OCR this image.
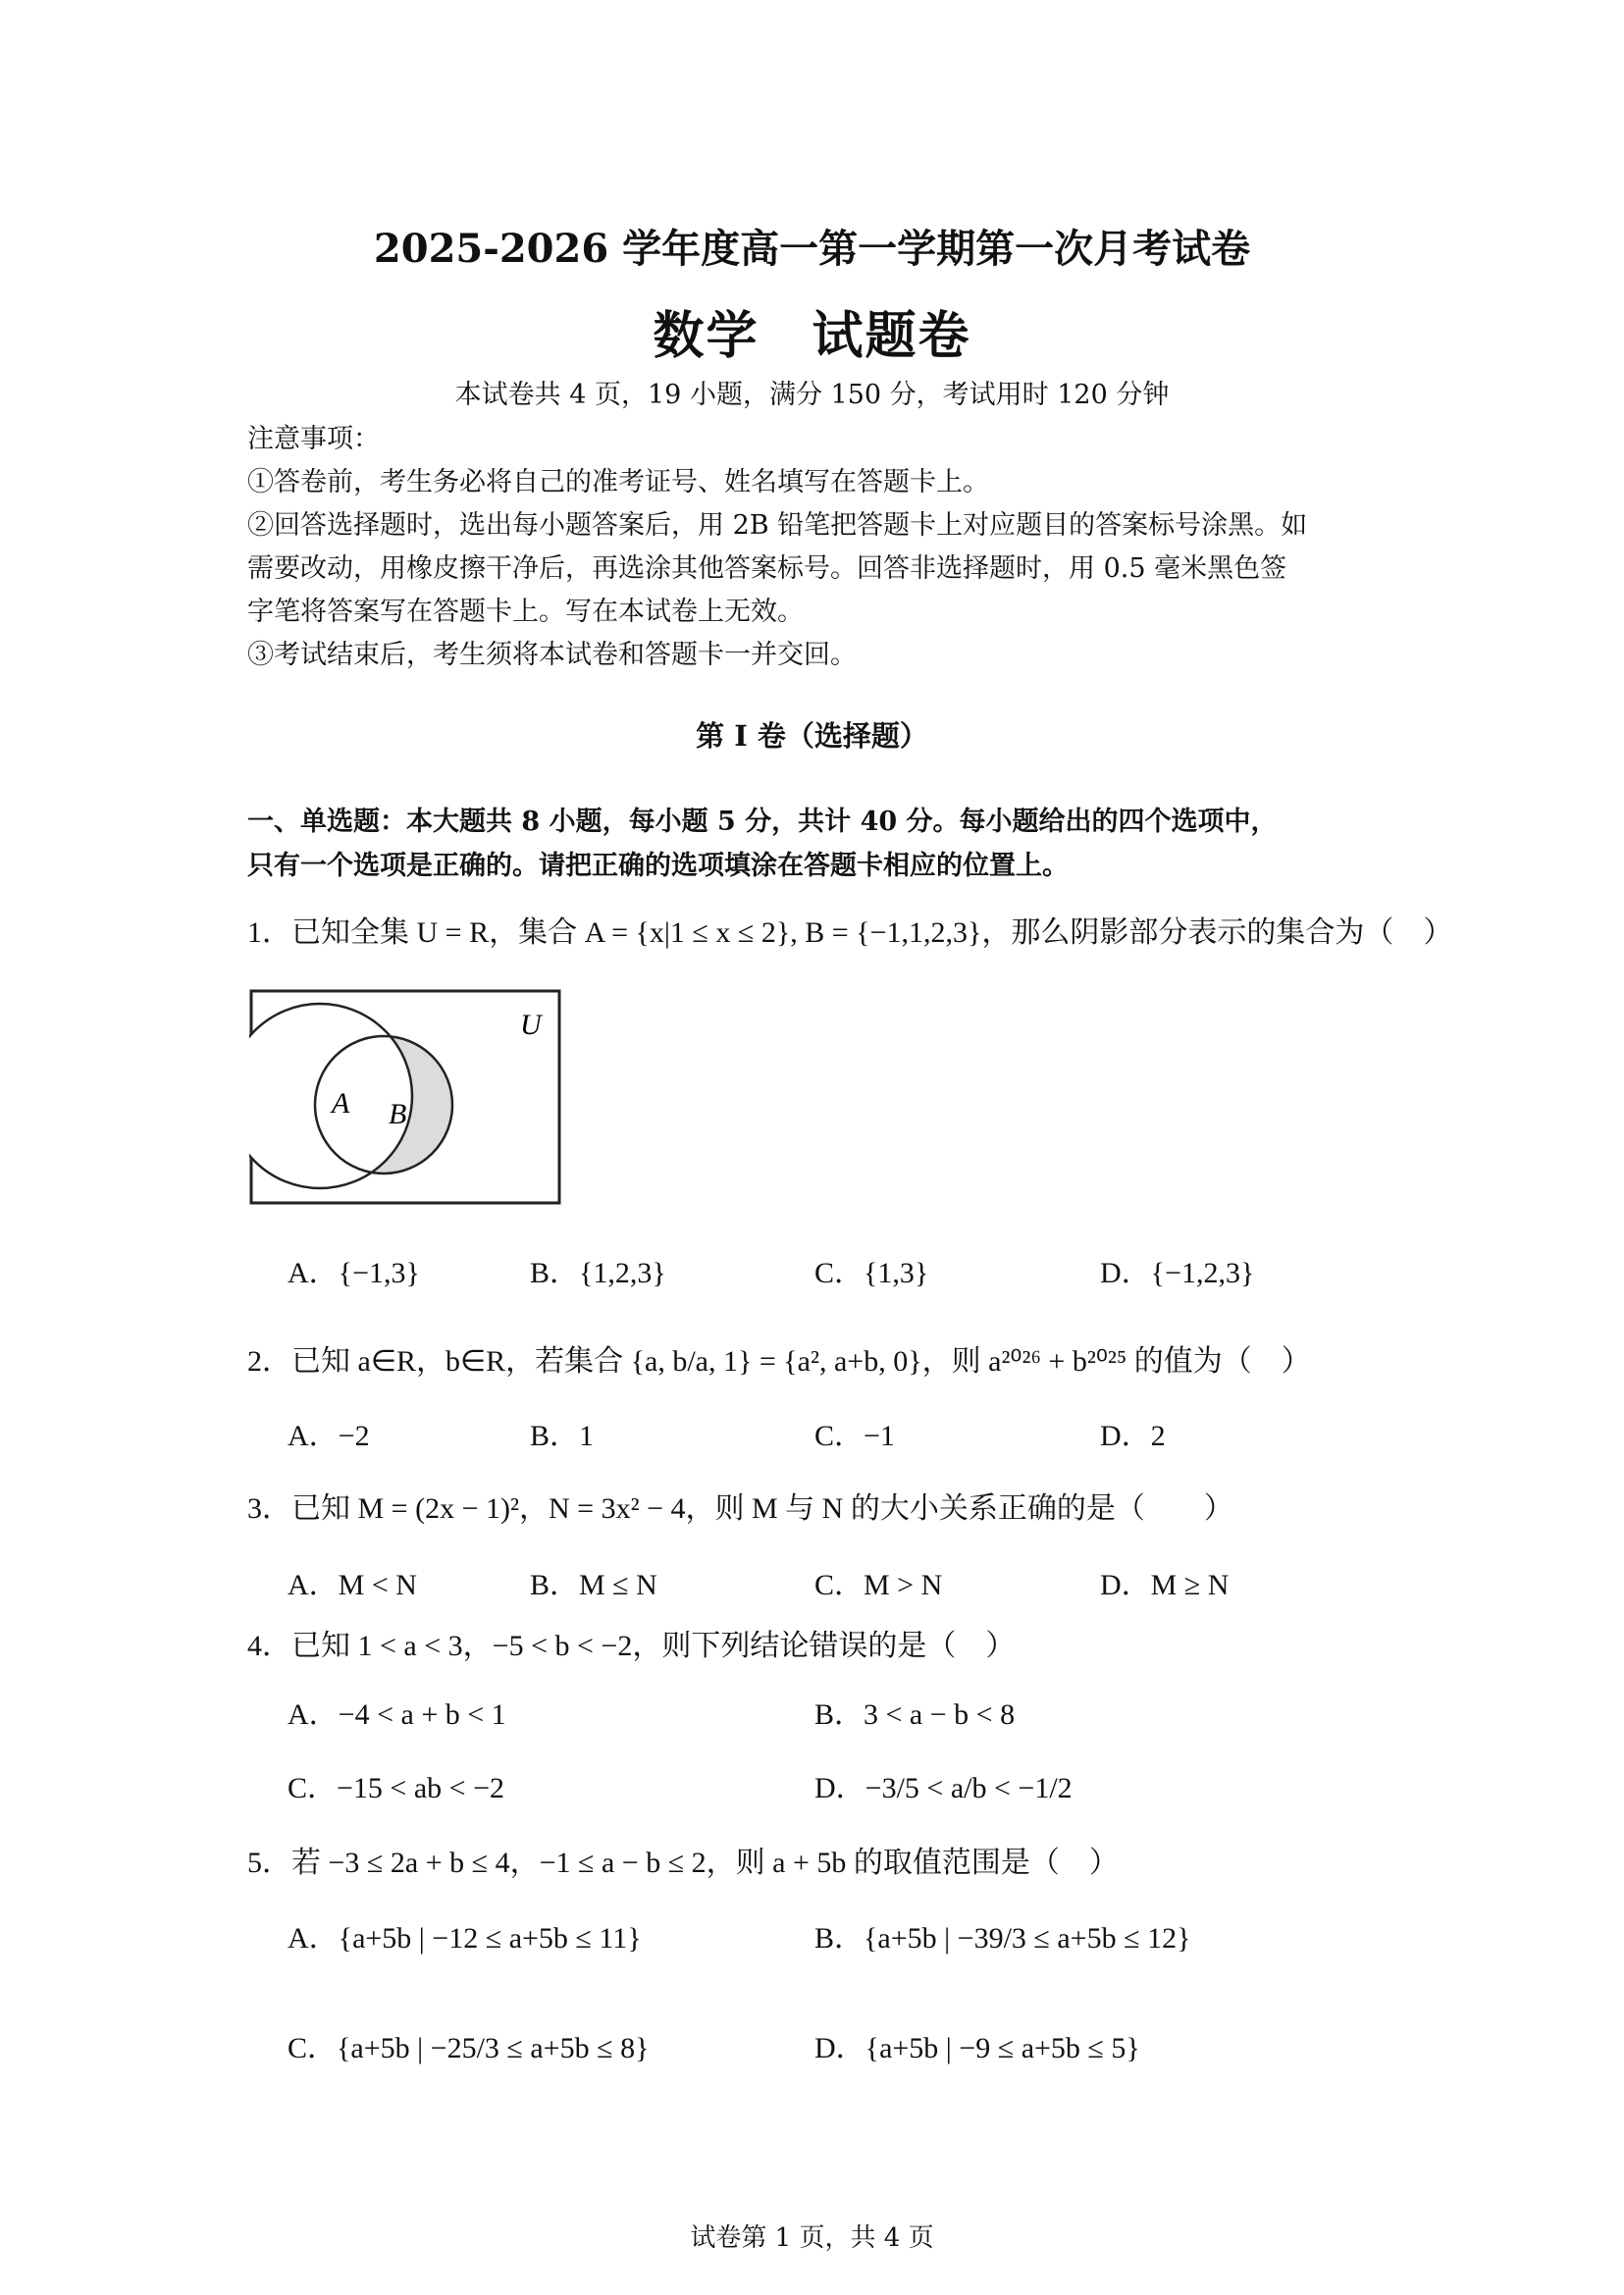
2025-2026 学年度高一第一学期第一次月考试卷
数学　试题卷
本试卷共 4 页，19 小题，满分 150 分，考试用时 120 分钟
注意事项：
①答卷前，考生务必将自己的准考证号、姓名填写在答题卡上。
②回答选择题时，选出每小题答案后，用 2B 铅笔把答题卡上对应题目的答案标号涂黑。如
需要改动，用橡皮擦干净后，再选涂其他答案标号。回答非选择题时，用 0.5 毫米黑色签
字笔将答案写在答题卡上。写在本试卷上无效。
③考试结束后，考生须将本试卷和答题卡一并交回。
第 I 卷（选择题）
一、单选题：本大题共 8 小题，每小题 5 分，共计 40 分。每小题给出的四个选项中，
只有一个选项是正确的。请把正确的选项填涂在答题卡相应的位置上。
1．已知全集 U = R，集合 A = {x|1 ≤ x ≤ 2}, B = {−1,1,2,3}，那么阴影部分表示的集合为（　）
U
A B
A．{−1,3}	B．{1,2,3}	C．{1,3}	D．{−1,2,3}
2．已知 a∈R，b∈R，若集合 {a, b/a, 1} = {a², a+b, 0}，则 a²⁰²⁶ + b²⁰²⁵ 的值为（　）
A．−2	B．1	C．−1	D．2
3．已知 M = (2x − 1)²，N = 3x² − 4，则 M 与 N 的大小关系正确的是（　　）
A．M < N	B．M ≤ N	C．M > N	D．M ≥ N
4．已知 1 < a < 3，−5 < b < −2，则下列结论错误的是（　）
A．−4 < a + b < 1	B．3 < a − b < 8
C．−15 < ab < −2	D．−3/5 < a/b < −1/2
5．若 −3 ≤ 2a + b ≤ 4，−1 ≤ a − b ≤ 2，则 a + 5b 的取值范围是（　）
A．{a+5b | −12 ≤ a+5b ≤ 11}	B．{a+5b | −39/3 ≤ a+5b ≤ 12}
C．{a+5b | −25/3 ≤ a+5b ≤ 8}	D．{a+5b | −9 ≤ a+5b ≤ 5}
试卷第 1 页，共 4 页
